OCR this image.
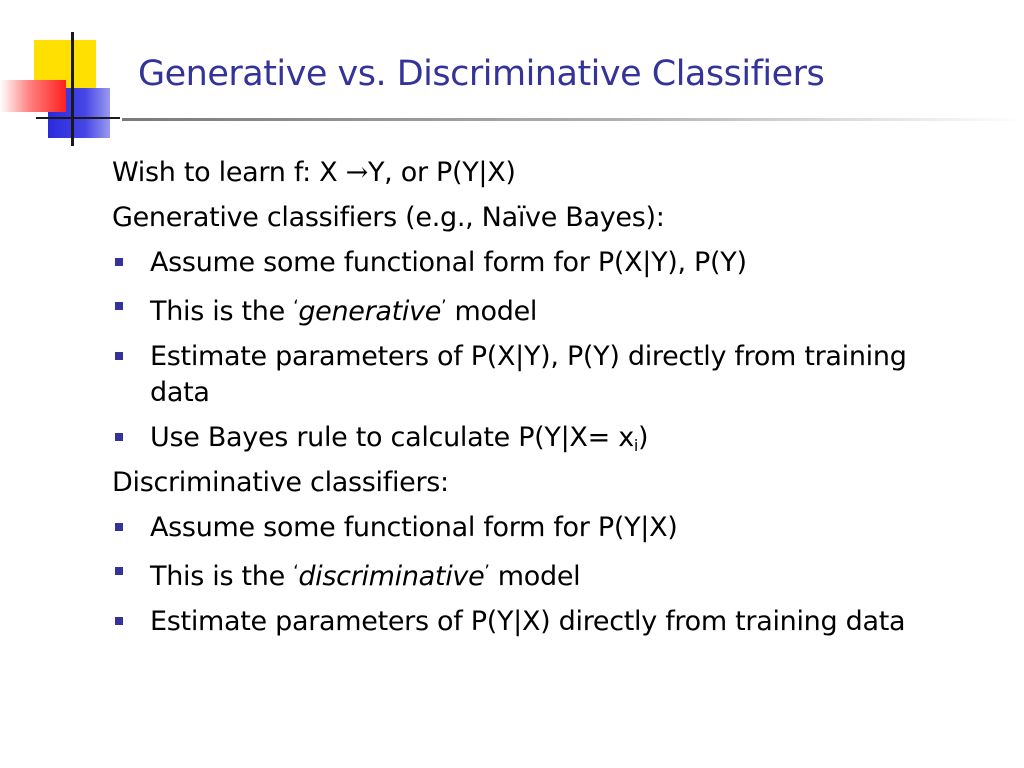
Generative vs. Discriminative Classifiers
Wish to learn f: X →Y, or P(Y|X)
Generative classifiers (e.g., Naïve Bayes):
Assume some functional form for P(X|Y), P(Y)
This is the ‘generative’ model
Estimate parameters of P(X|Y), P(Y) directly from training data
Use Bayes rule to calculate $P(Y|X= x_i)$
Discriminative classifiers:
Assume some functional form for P(Y|X)
This is the ‘discriminative’ model
Estimate parameters of P(Y|X) directly from training data
